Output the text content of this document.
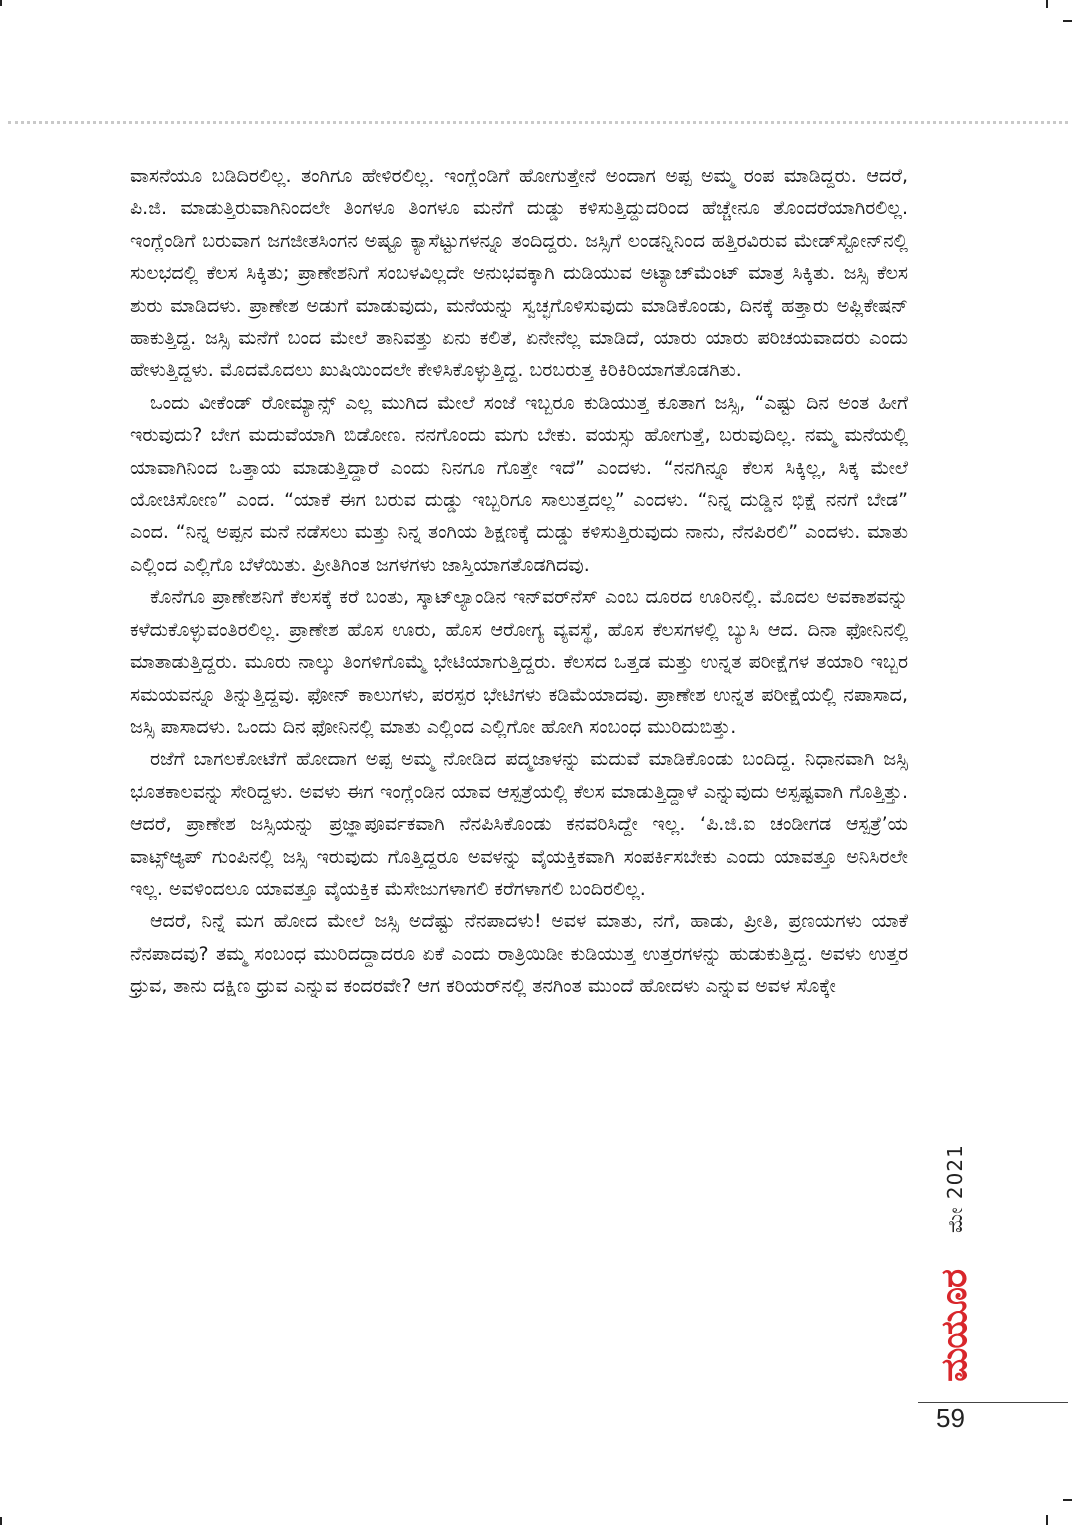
ವಾಸನೆಯೂ ಬಡಿದಿರಲಿಲ್ಲ. ತಂಗಿಗೂ ಹೇಳಿರಲಿಲ್ಲ. ಇಂಗ್ಲೆಂಡಿಗೆ ಹೋಗುತ್ತೇನೆ ಅಂದಾಗ ಅಪ್ಪ ಅಮ್ಮ ರಂಪ ಮಾಡಿದ್ದರು. ಆದರೆ, ಪಿ.ಜಿ. ಮಾಡುತ್ತಿರುವಾಗಿನಿಂದಲೇ ತಿಂಗಳೂ ತಿಂಗಳೂ ಮನೆಗೆ ದುಡ್ಡು ಕಳಿಸುತ್ತಿದ್ದುದರಿಂದ ಹೆಚ್ಚೇನೂ ತೊಂದರೆಯಾಗಿರಲಿಲ್ಲ. ಇಂಗ್ಲೆಂಡಿಗೆ ಬರುವಾಗ ಜಗಜೀತಸಿಂಗನ ಅಷ್ಟೂ ಕ್ಯಾಸೆಟ್ಟುಗಳನ್ನೂ ತಂದಿದ್ದರು. ಜಸ್ಸಿಗೆ ಲಂಡನ್ನಿನಿಂದ ಹತ್ತಿರವಿರುವ ಮೇಡ್‌ಸ್ಟೋನ್‌ನಲ್ಲಿ ಸುಲಭದಲ್ಲಿ ಕೆಲಸ ಸಿಕ್ಕಿತು; ಪ್ರಾಣೇಶನಿಗೆ ಸಂಬಳವಿಲ್ಲದೇ ಅನುಭವಕ್ಕಾಗಿ ದುಡಿಯುವ ಅಟ್ಯಾಚ್‌ಮೆಂಟ್ ಮಾತ್ರ ಸಿಕ್ಕಿತು. ಜಸ್ಸಿ ಕೆಲಸ ಶುರು ಮಾಡಿದಳು. ಪ್ರಾಣೇಶ ಅಡುಗೆ ಮಾಡುವುದು, ಮನೆಯನ್ನು ಸ್ವಚ್ಛಗೊಳಿಸುವುದು ಮಾಡಿಕೊಂಡು, ದಿನಕ್ಕೆ ಹತ್ತಾರು ಅಪ್ಲಿಕೇಷನ್ ಹಾಕುತ್ತಿದ್ದ. ಜಸ್ಸಿ ಮನೆಗೆ ಬಂದ ಮೇಲೆ ತಾನಿವತ್ತು ಏನು ಕಲಿತೆ, ಏನೇನೆಲ್ಲ ಮಾಡಿದೆ, ಯಾರು ಯಾರು ಪರಿಚಯವಾದರು ಎಂದು ಹೇಳುತ್ತಿದ್ದಳು. ಮೊದಮೊದಲು ಖುಷಿಯಿಂದಲೇ ಕೇಳಿಸಿಕೊಳ್ಳುತ್ತಿದ್ದ. ಬರಬರುತ್ತ ಕಿರಿಕಿರಿಯಾಗತೊಡಗಿತು.

ಒಂದು ವೀಕೆಂಡ್ ರೋಮ್ಯಾನ್ಸ್ ಎಲ್ಲ ಮುಗಿದ ಮೇಲೆ ಸಂಜೆ ಇಬ್ಬರೂ ಕುಡಿಯುತ್ತ ಕೂತಾಗ ಜಸ್ಸಿ, “ಎಷ್ಟು ದಿನ ಅಂತ ಹೀಗೆ ಇರುವುದು? ಬೇಗ ಮದುವೆಯಾಗಿ ಬಿಡೋಣ. ನನಗೊಂದು ಮಗು ಬೇಕು. ವಯಸ್ಸು ಹೋಗುತ್ತೆ, ಬರುವುದಿಲ್ಲ. ನಮ್ಮ ಮನೆಯಲ್ಲಿ ಯಾವಾಗಿನಿಂದ ಒತ್ತಾಯ ಮಾಡುತ್ತಿದ್ದಾರೆ ಎಂದು ನಿನಗೂ ಗೊತ್ತೇ ಇದೆ” ಎಂದಳು. “ನನಗಿನ್ನೂ ಕೆಲಸ ಸಿಕ್ಕಿಲ್ಲ, ಸಿಕ್ಕ ಮೇಲೆ ಯೋಚಿಸೋಣ” ಎಂದ. “ಯಾಕೆ ಈಗ ಬರುವ ದುಡ್ಡು ಇಬ್ಬರಿಗೂ ಸಾಲುತ್ತದಲ್ಲ” ಎಂದಳು. “ನಿನ್ನ ದುಡ್ಡಿನ ಭಿಕ್ಷೆ ನನಗೆ ಬೇಡ” ಎಂದ. “ನಿನ್ನ ಅಪ್ಪನ ಮನೆ ನಡೆಸಲು ಮತ್ತು ನಿನ್ನ ತಂಗಿಯ ಶಿಕ್ಷಣಕ್ಕೆ ದುಡ್ಡು ಕಳಿಸುತ್ತಿರುವುದು ನಾನು, ನೆನಪಿರಲಿ” ಎಂದಳು. ಮಾತು ಎಲ್ಲಿಂದ ಎಲ್ಲಿಗೊ ಬೆಳೆಯಿತು. ಪ್ರೀತಿಗಿಂತ ಜಗಳಗಳು ಜಾಸ್ತಿಯಾಗತೊಡಗಿದವು.

ಕೊನೆಗೂ ಪ್ರಾಣೇಶನಿಗೆ ಕೆಲಸಕ್ಕೆ ಕರೆ ಬಂತು, ಸ್ಕಾಟ್‌ಲ್ಯಾಂಡಿನ ಇನ್‌ವರ್‌ನೆಸ್ ಎಂಬ ದೂರದ ಊರಿನಲ್ಲಿ. ಮೊದಲ ಅವಕಾಶವನ್ನು ಕಳೆದುಕೊಳ್ಳುವಂತಿರಲಿಲ್ಲ. ಪ್ರಾಣೇಶ ಹೊಸ ಊರು, ಹೊಸ ಆರೋಗ್ಯ ವ್ಯವಸ್ಥೆ, ಹೊಸ ಕೆಲಸಗಳಲ್ಲಿ ಬ್ಯುಸಿ ಆದ. ದಿನಾ ಫೋನಿನಲ್ಲಿ ಮಾತಾಡುತ್ತಿದ್ದರು. ಮೂರು ನಾಲ್ಕು ತಿಂಗಳಿಗೊಮ್ಮೆ ಭೇಟಿಯಾಗುತ್ತಿದ್ದರು. ಕೆಲಸದ ಒತ್ತಡ ಮತ್ತು ಉನ್ನತ ಪರೀಕ್ಷೆಗಳ ತಯಾರಿ ಇಬ್ಬರ ಸಮಯವನ್ನೂ ತಿನ್ನುತ್ತಿದ್ದವು. ಫೋನ್ ಕಾಲುಗಳು, ಪರಸ್ಪರ ಭೇಟಿಗಳು ಕಡಿಮೆಯಾದವು. ಪ್ರಾಣೇಶ ಉನ್ನತ ಪರೀಕ್ಷೆಯಲ್ಲಿ ನಪಾಸಾದ, ಜಸ್ಸಿ ಪಾಸಾದಳು. ಒಂದು ದಿನ ಫೋನಿನಲ್ಲಿ ಮಾತು ಎಲ್ಲಿಂದ ಎಲ್ಲಿಗೋ ಹೋಗಿ ಸಂಬಂಧ ಮುರಿದುಬಿತ್ತು.

ರಜೆಗೆ ಬಾಗಲಕೋಟೆಗೆ ಹೋದಾಗ ಅಪ್ಪ ಅಮ್ಮ ನೋಡಿದ ಪದ್ಮಜಾಳನ್ನು ಮದುವೆ ಮಾಡಿಕೊಂಡು ಬಂದಿದ್ದ. ನಿಧಾನವಾಗಿ ಜಸ್ಸಿ ಭೂತಕಾಲವನ್ನು ಸೇರಿದ್ದಳು. ಅವಳು ಈಗ ಇಂಗ್ಲೆಂಡಿನ ಯಾವ ಆಸ್ಪತ್ರೆಯಲ್ಲಿ ಕೆಲಸ ಮಾಡುತ್ತಿದ್ದಾಳೆ ಎನ್ನುವುದು ಅಸ್ಪಷ್ಟವಾಗಿ ಗೊತ್ತಿತ್ತು. ಆದರೆ, ಪ್ರಾಣೇಶ ಜಸ್ಸಿಯನ್ನು ಪ್ರಜ್ಞಾಪೂರ್ವಕವಾಗಿ ನೆನಪಿಸಿಕೊಂಡು ಕನವರಿಸಿದ್ದೇ ಇಲ್ಲ. ‘ಪಿ.ಜಿ.ಐ ಚಂಡೀಗಡ ಆಸ್ಪತ್ರೆ’ಯ ವಾಟ್ಸ್‌ಆ್ಯಪ್ ಗುಂಪಿನಲ್ಲಿ ಜಸ್ಸಿ ಇರುವುದು ಗೊತ್ತಿದ್ದರೂ ಅವಳನ್ನು ವೈಯಕ್ತಿಕವಾಗಿ ಸಂಪರ್ಕಿಸಬೇಕು ಎಂದು ಯಾವತ್ತೂ ಅನಿಸಿರಲೇ ಇಲ್ಲ. ಅವಳಿಂದಲೂ ಯಾವತ್ತೂ ವೈಯಕ್ತಿಕ ಮೆಸೇಜುಗಳಾಗಲಿ ಕರೆಗಳಾಗಲಿ ಬಂದಿರಲಿಲ್ಲ.

ಆದರೆ, ನಿನ್ನೆ ಮಗ ಹೋದ ಮೇಲೆ ಜಸ್ಸಿ ಅದೆಷ್ಟು ನೆನಪಾದಳು! ಅವಳ ಮಾತು, ನಗೆ, ಹಾಡು, ಪ್ರೀತಿ, ಪ್ರಣಯಗಳು ಯಾಕೆ ನೆನಪಾದವು? ತಮ್ಮ ಸಂಬಂಧ ಮುರಿದದ್ದಾದರೂ ಏಕೆ ಎಂದು ರಾತ್ರಿಯಿಡೀ ಕುಡಿಯುತ್ತ ಉತ್ತರಗಳನ್ನು ಹುಡುಕುತ್ತಿದ್ದ. ಅವಳು ಉತ್ತರ ಧ್ರುವ, ತಾನು ದಕ್ಷಿಣ ಧ್ರುವ ಎನ್ನುವ ಕಂದರವೇ? ಆಗ ಕರಿಯರ್‌ನಲ್ಲಿ ತನಗಿಂತ ಮುಂದೆ ಹೋದಳು ಎನ್ನುವ ಅವಳ ಸೊಕ್ಕೇ

ಮೇ 2021
ಮಯೂರ
59
